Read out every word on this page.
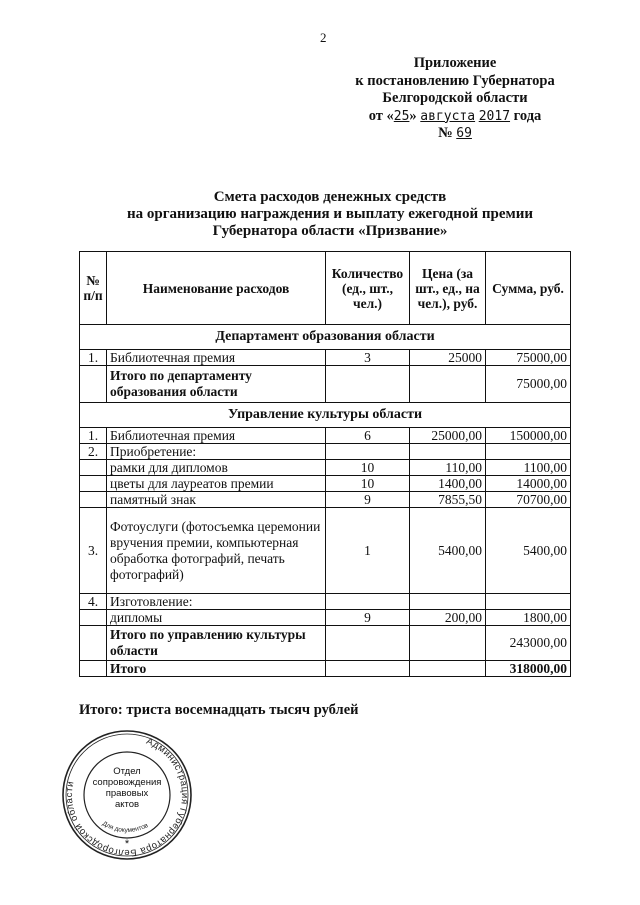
2
Приложение
к постановлению Губернатора
Белгородской области
от «25» августа 2017 года
№ 69
Смета расходов денежных средств
на организацию награждения и выплату ежегодной премии
Губернатора области «Призвание»
№ п/п	Наименование расходов	Количество (ед., шт., чел.)	Цена (за шт., ед., на чел.), руб.	Сумма, руб.
Департамент образования области				
1.	Библиотечная премия	3	25000	75000,00
	Итого по департаменту образования области			75000,00
Управление культуры области				
1.	Библиотечная премия	6	25000,00	150000,00
2.	Приобретение:			
	рамки для дипломов	10	110,00	1100,00
	цветы для лауреатов премии	10	1400,00	14000,00
	памятный знак	9	7855,50	70700,00
3.	Фотоуслуги (фотосъемка церемонии вручения премии, компьютерная обработка фотографий, печать фотографий)	1	5400,00	5400,00
4.	Изготовление:			
	дипломы	9	200,00	1800,00
	Итого по управлению культуры области			243000,00
	Итого			318000,00
Итого: триста восемнадцать тысяч рублей
Администрация Губернатора Белгородской области
Для документов
Отдел
сопровождения
правовых
актов
*
